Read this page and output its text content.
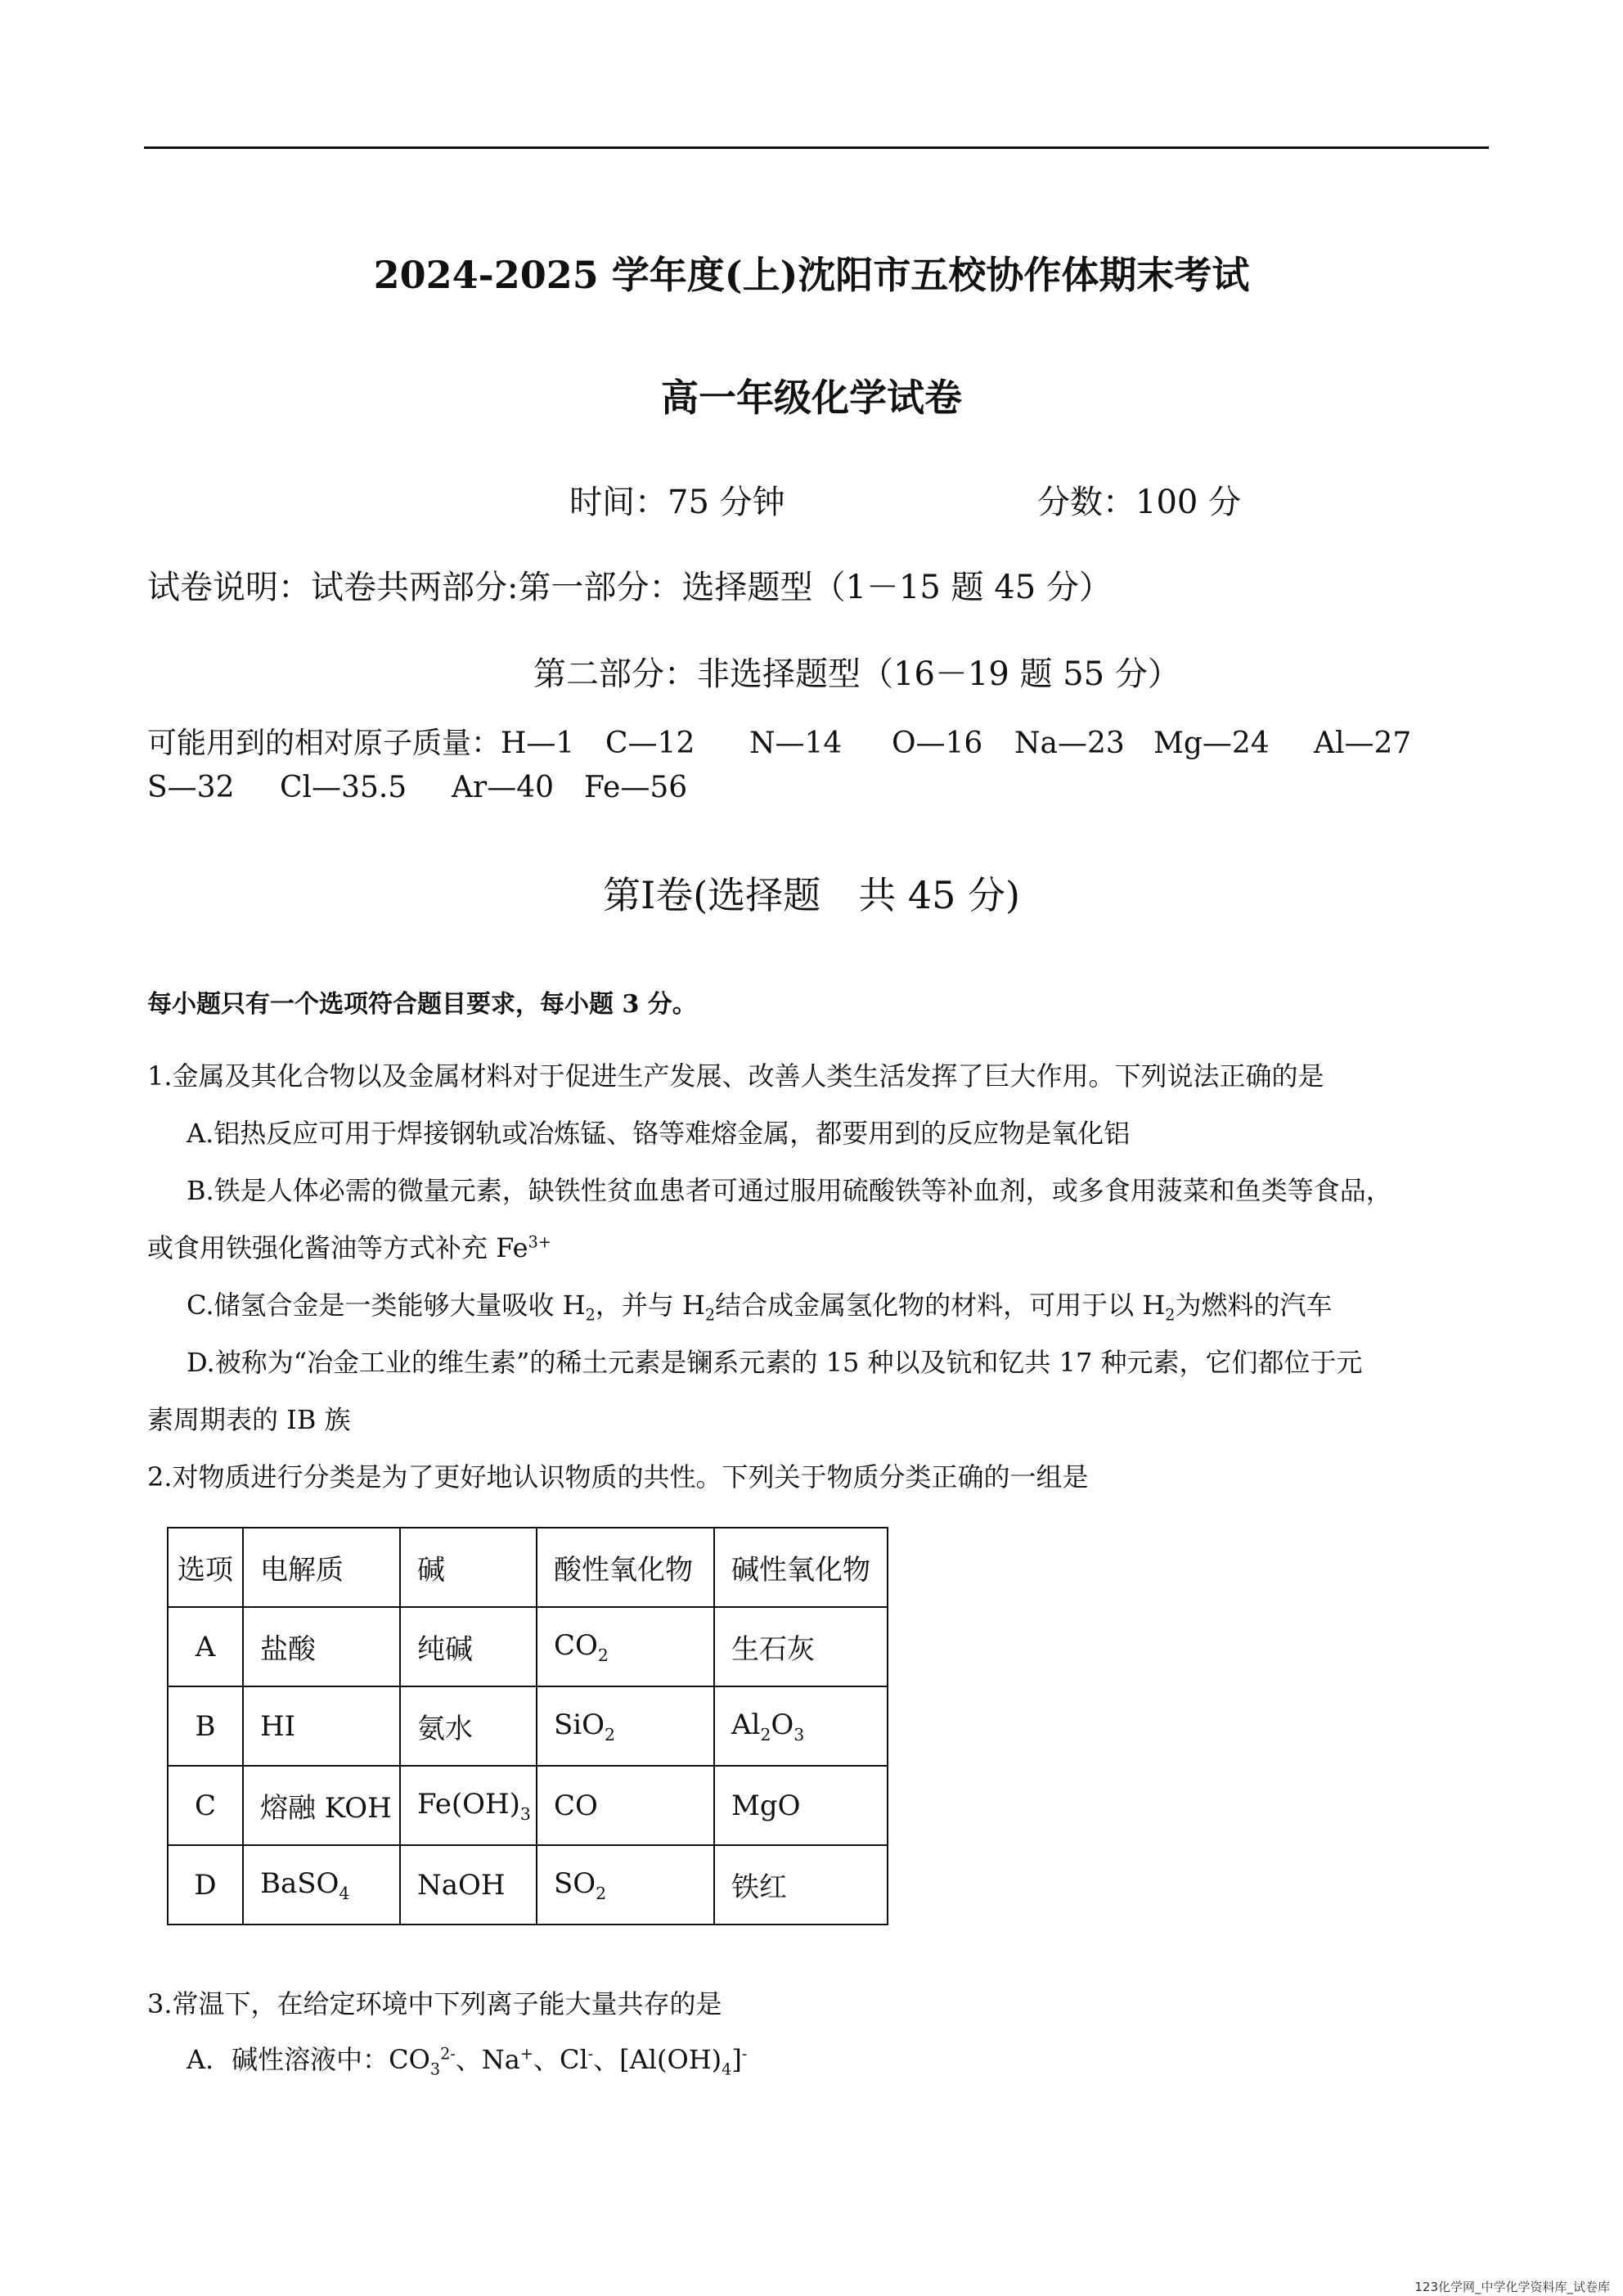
2024-2025 学年度(上)沈阳市五校协作体期末考试
高一年级化学试卷
时间：75 分钟	分数：100 分
试卷说明：试卷共两部分:第一部分：选择题型（1－15 题 45 分）
第二部分：非选择题型（16－19 题 55 分）
可能用到的相对原子质量：H—1 C—12 N—14 O—16 Na—23 Mg—24 Al—27
S—32 Cl—35.5 Ar—40 Fe—56
第Ⅰ卷(选择题　共 45 分)
每小题只有一个选项符合题目要求，每小题 3 分。
1.金属及其化合物以及金属材料对于促进生产发展、改善人类生活发挥了巨大作用。下列说法正确的是
A.铝热反应可用于焊接钢轨或冶炼锰、铬等难熔金属，都要用到的反应物是氧化铝
B.铁是人体必需的微量元素，缺铁性贫血患者可通过服用硫酸铁等补血剂，或多食用菠菜和鱼类等食品，
或食用铁强化酱油等方式补充 $Fe^{3+}$
C.储氢合金是一类能够大量吸收 $H_2$，并与 $H_2$结合成金属氢化物的材料，可用于以 $H_2$为燃料的汽车
D.被称为“冶金工业的维生素”的稀土元素是镧系元素的 15 种以及钪和钇共 17 种元素，它们都位于元
素周期表的 IB 族
2.对物质进行分类是为了更好地认识物质的共性。下列关于物质分类正确的一组是
选项	电解质	碱	酸性氧化物	碱性氧化物
A	盐酸	纯碱	$CO_2$	生石灰
B	HI	氨水	SiO$_2$	$Al_2O_3$
C	熔融 KOH	$Fe(OH)_3$	CO	MgO
D	BaSO$_4$	NaOH	$SO_2$	铁红
3.常温下，在给定环境中下列离子能大量共存的是
A．碱性溶液中：$CO_3^{2-}$、Na+、Cl-、$[Al(OH)_4]^-$
123化学网_中学化学资料库_试卷库
